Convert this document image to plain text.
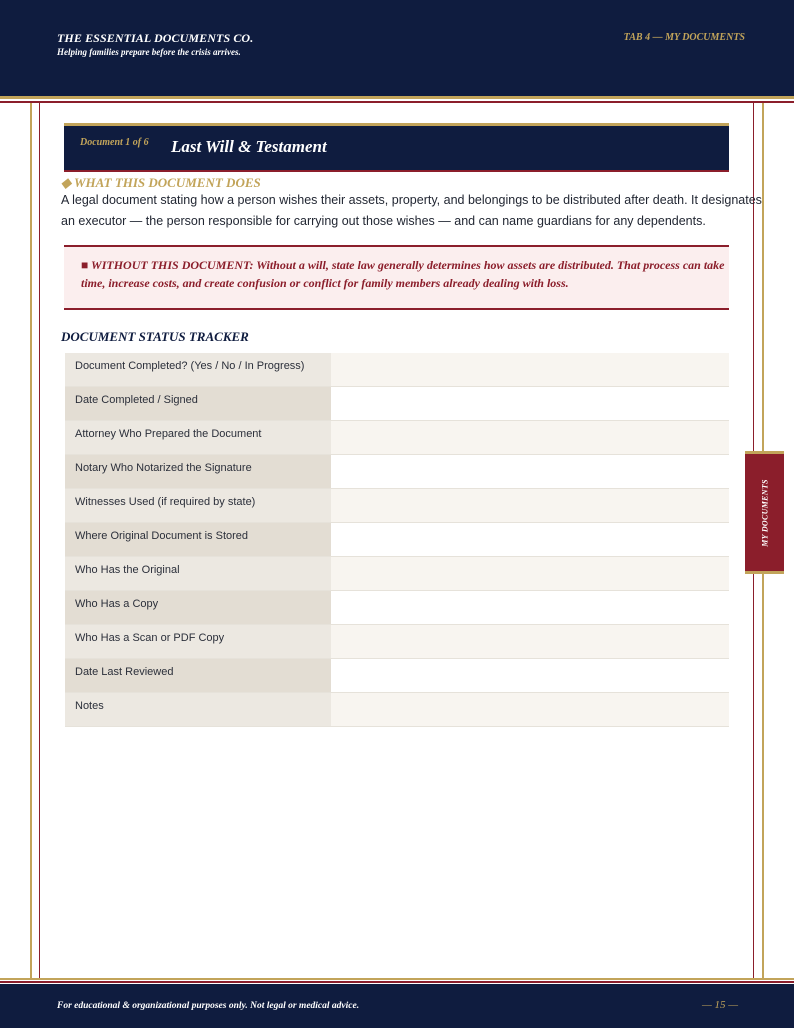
THE ESSENTIAL DOCUMENTS CO.
Helping families prepare before the crisis arrives.
TAB 4 — MY DOCUMENTS
MY DOCUMENTS
Document 1 of 6 Last Will & Testament
◆ WHAT THIS DOCUMENT DOES
A legal document stating how a person wishes their assets, property, and belongings to be distributed after death. It designates an executor — the person responsible for carrying out those wishes — and can name guardians for any dependents.

■ WITHOUT THIS DOCUMENT: Without a will, state law generally determines how assets are distributed. That process can take time, increase costs, and create confusion or conflict for family members already dealing with loss.

DOCUMENT STATUS TRACKER
Document Completed? (Yes / No / In Progress)
Date Completed / Signed
Attorney Who Prepared the Document
Notary Who Notarized the Signature
Witnesses Used (if required by state)
Where Original Document is Stored
Who Has the Original
Who Has a Copy
Who Has a Scan or PDF Copy
Date Last Reviewed
Notes
For educational & organizational purposes only. Not legal or medical advice.	— 15 —
